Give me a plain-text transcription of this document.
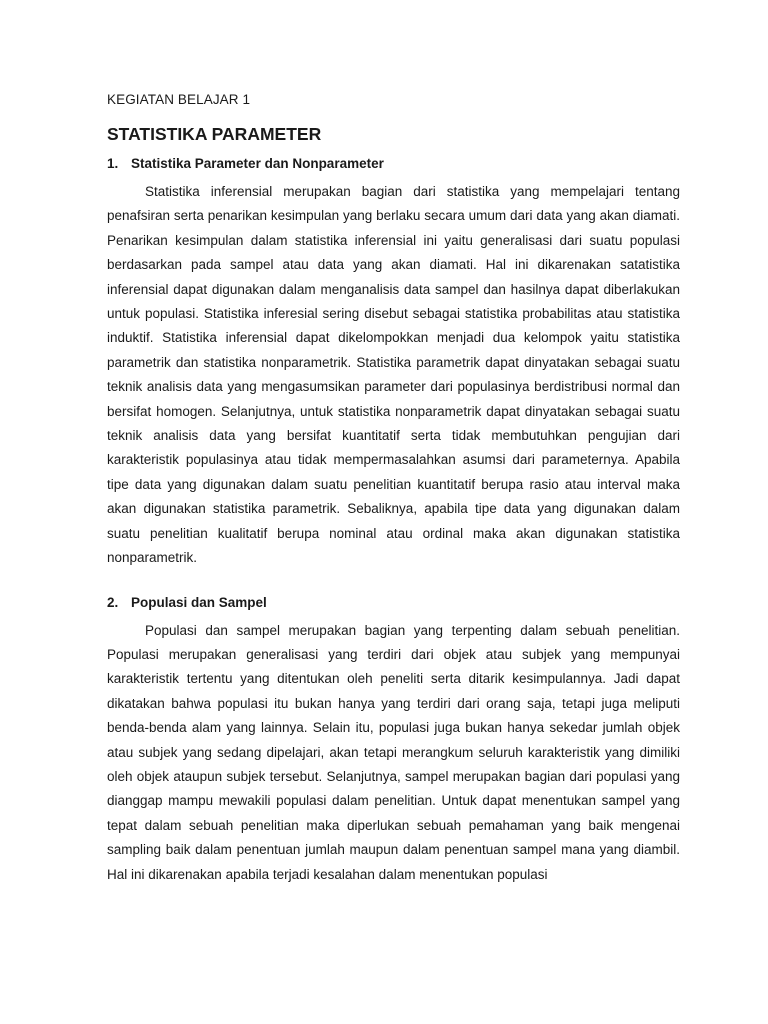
KEGIATAN BELAJAR 1
STATISTIKA PARAMETER
1. Statistika Parameter dan Nonparameter

Statistika inferensial merupakan bagian dari statistika yang mempelajari tentang penafsiran serta penarikan kesimpulan yang berlaku secara umum dari data yang akan diamati. Penarikan kesimpulan dalam statistika inferensial ini yaitu generalisasi dari suatu populasi berdasarkan pada sampel atau data yang akan diamati. Hal ini dikarenakan satatistika inferensial dapat digunakan dalam menganalisis data sampel dan hasilnya dapat diberlakukan untuk populasi. Statistika inferesial sering disebut sebagai statistika probabilitas atau statistika induktif. Statistika inferensial dapat dikelompokkan menjadi dua kelompok yaitu statistika parametrik dan statistika nonparametrik. Statistika parametrik dapat dinyatakan sebagai suatu teknik analisis data yang mengasumsikan parameter dari populasinya berdistribusi normal dan bersifat homogen. Selanjutnya, untuk statistika nonparametrik dapat dinyatakan sebagai suatu teknik analisis data yang bersifat kuantitatif serta tidak membutuhkan pengujian dari karakteristik populasinya atau tidak mempermasalahkan asumsi dari parameternya. Apabila tipe data yang digunakan dalam suatu penelitian kuantitatif berupa rasio atau interval maka akan digunakan statistika parametrik. Sebaliknya, apabila tipe data yang digunakan dalam suatu penelitian kualitatif berupa nominal atau ordinal maka akan digunakan statistika nonparametrik.

2. Populasi dan Sampel

Populasi dan sampel merupakan bagian yang terpenting dalam sebuah penelitian. Populasi merupakan generalisasi yang terdiri dari objek atau subjek yang mempunyai karakteristik tertentu yang ditentukan oleh peneliti serta ditarik kesimpulannya. Jadi dapat dikatakan bahwa populasi itu bukan hanya yang terdiri dari orang saja, tetapi juga meliputi benda-benda alam yang lainnya. Selain itu, populasi juga bukan hanya sekedar jumlah objek atau subjek yang sedang dipelajari, akan tetapi merangkum seluruh karakteristik yang dimiliki oleh objek ataupun subjek tersebut. Selanjutnya, sampel merupakan bagian dari populasi yang dianggap mampu mewakili populasi dalam penelitian. Untuk dapat menentukan sampel yang tepat dalam sebuah penelitian maka diperlukan sebuah pemahaman yang baik mengenai sampling baik dalam penentuan jumlah maupun dalam penentuan sampel mana yang diambil. Hal ini dikarenakan apabila terjadi kesalahan dalam menentukan populasi
